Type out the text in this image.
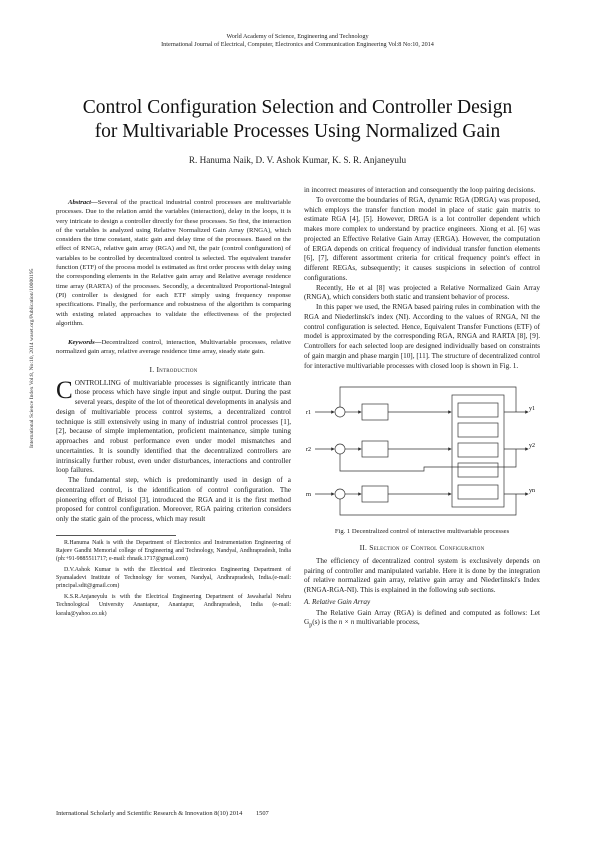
World Academy of Science, Engineering and Technology
International Journal of Electrical, Computer, Electronics and Communication Engineering Vol:8 No:10, 2014
Control Configuration Selection and Controller Design
for Multivariable Processes Using Normalized Gain
R. Hanuma Naik, D. V. Ashok Kumar, K. S. R. Anjaneyulu
International Science Index Vol:8, No:10, 2014 waset.org/Publication/10000195

Abstract—Several of the practical industrial control processes are multivariable processes. Due to the relation amid the variables (interaction), delay in the loops, it is very intricate to design a controller directly for these processes. So first, the interaction of the variables is analyzed using Relative Normalized Gain Array (RNGA), which considers the time constant, static gain and delay time of the processes. Based on the effect of RNGA, relative gain array (RGA) and NI, the pair (control configuration) of variables to be controlled by decentralized control is selected. The equivalent transfer function (ETF) of the process model is estimated as first order process with delay using the corresponding elements in the Relative gain array and Relative average residence time array (RARTA) of the processes. Secondly, a decentralized Proportional-Integral (PI) controller is designed for each ETF simply using frequency response specifications. Finally, the performance and robustness of the algorithm is comparing with existing related approaches to validate the effectiveness of the projected algorithm.

Keywords—Decentralized control, interaction, Multivariable processes, relative normalized gain array, relative average residence time array, steady state gain.

I. Introduction

CONTROLLING of multivariable processes is significantly intricate than those process which have single input and single output. During the past several years, despite of the lot of theoretical developments in analysis and design of multivariable process control systems, a decentralized control technique is still extensively using in many of industrial control processes [1], [2], because of simple implementation, proficient maintenance, simple tuning approaches and robust performance even under model mismatches and uncertainties. It is soundly identified that the decentralized controllers are intrinsically further robust, even under disturbances, interactions and controller loop failures.

The fundamental step, which is predominantly used in design of a decentralized control, is the identification of control configuration. The pioneering effort of Bristol [3], introduced the RGA and it is the first method proposed for control configuration. Moreover, RGA pairing criterion considers only the static gain of the process, which may result

R.Hanuma Naik is with the Department of Electronics and Instrumentation Engineering of Rajeev Gandhi Memorial college of Engineering and Technology, Nandyal, Andhrapradesh, India (ph:+91-9885511717; e-mail: rhnaik.1717@gmail.com)

D.V.Ashok Kumar is with the Electrical and Electronics Engineering Department of Syamaladevi Institute of Technology for women, Nandyal, Andhrapradesh, India.(e-mail: principal.sdit@gmail.com)

K.S.R.Anjaneyulu is with the Electrical Engineering Department of Jawaharlal Nehru Technological University Anantapur, Anantapur, Andhrapradesh, India (e-mail: ksralu@yahoo.co.uk)

in incorrect measures of interaction and consequently the loop pairing decisions.

To overcome the boundaries of RGA, dynamic RGA (DRGA) was proposed, which employs the transfer function model in place of static gain matrix to estimate RGA [4], [5]. However, DRGA is a lot controller dependent which makes more complex to understand by practice engineers. Xiong et al. [6] was projected an Effective Relative Gain Array (ERGA). However, the computation of ERGA depends on critical frequency of individual transfer function elements [6], [7], different assortment criteria for critical frequency point's effect in different REGAs, subsequently; it causes suspicions in selection of control configurations.

Recently, He et al [8] was projected a Relative Normalized Gain Array (RNGA), which considers both static and transient behavior of process.

In this paper we used, the RNGA based pairing rules in combination with the RGA and Niederlinski's index (NI). According to the values of RNGA, NI the control configuration is selected. Hence, Equivalent Transfer Functions (ETF) of model is approximated by the corresponding RGA, RNGA and RARTA [8], [9]. Controllers for each selected loop are designed individually based on constraints of gain margin and phase margin [10], [11]. The structure of decentralized control for interactive multivariable processes with closed loop is shown in Fig. 1.

r1
r2
rn
y1
y2
yn

Fig. 1 Decentralized control of interactive multivariable processes

II. Selection of Control Configuration

The efficiency of decentralized control system is exclusively depends on pairing of controller and manipulated variable. Here it is done by the integration of relative normalized gain array, relative gain array and Niederlinski's Index (RNGA-RGA-NI). This is explained in the following sub sections.

A. Relative Gain Array

The Relative Gain Array (RGA) is defined and computed as follows: Let $G_p(s)$ is the n × n multivariable process,

International Scholarly and Scientific Research & Innovation 8(10) 2014 1507
